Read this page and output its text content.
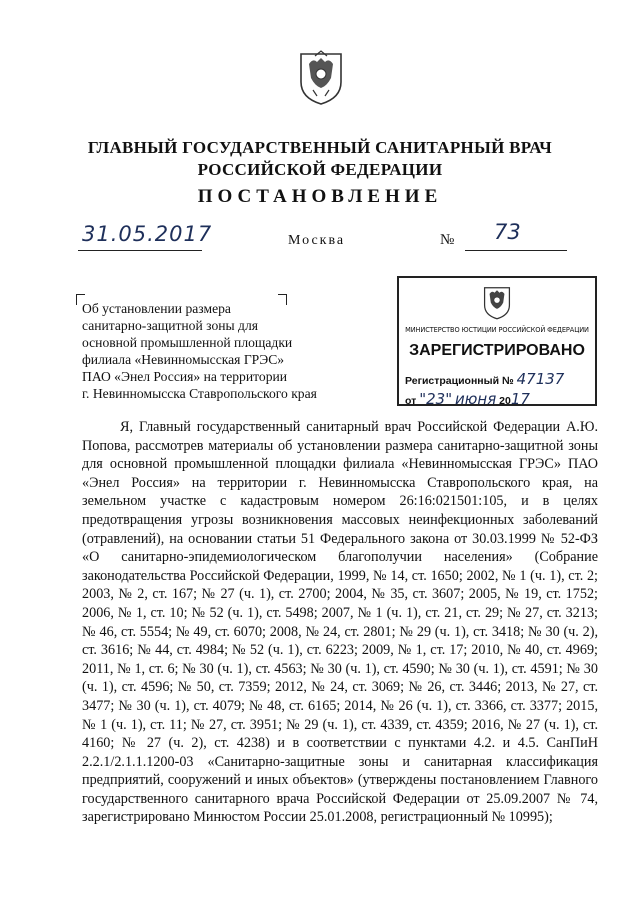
ГЛАВНЫЙ ГОСУДАРСТВЕННЫЙ САНИТАРНЫЙ ВРАЧ
РОССИЙСКОЙ ФЕДЕРАЦИИ
ПОСТАНОВЛЕНИЕ
31.05.2017	Москва	№ 73
Об установлении размера
санитарно-защитной зоны для
основной промышленной площадки
филиала «Невинномысская ГРЭС»
ПАО «Энел Россия» на территории
г. Невинномысска Ставропольского края
МИНИСТЕРСТВО ЮСТИЦИИ РОССИЙСКОЙ ФЕДЕРАЦИИ
ЗАРЕГИСТРИРОВАНО
Регистрационный № 47137
от "23" июня 2017
Я, Главный государственный санитарный врач Российской Федерации А.Ю. Попова, рассмотрев материалы об установлении размера санитарно-защитной зоны для основной промышленной площадки филиала «Невинномысская ГРЭС» ПАО «Энел Россия» на территории г. Невинномысска Ставропольского края, на земельном участке с кадастровым номером 26:16:021501:105, и в целях предотвращения угрозы возникновения массовых неинфекционных заболеваний (отравлений), на основании статьи 51 Федерального закона от 30.03.1999 № 52-ФЗ «О санитарно-эпидемиологическом благополучии населения» (Собрание законодательства Российской Федерации, 1999, № 14, ст. 1650; 2002, № 1 (ч. 1), ст. 2; 2003, № 2, ст. 167; № 27 (ч. 1), ст. 2700; 2004, № 35, ст. 3607; 2005, № 19, ст. 1752; 2006, № 1, ст. 10; № 52 (ч. 1), ст. 5498; 2007, № 1 (ч. 1), ст. 21, ст. 29; № 27, ст. 3213; № 46, ст. 5554; № 49, ст. 6070; 2008, № 24, ст. 2801; № 29 (ч. 1), ст. 3418; № 30 (ч. 2), ст. 3616; № 44, ст. 4984; № 52 (ч. 1), ст. 6223; 2009, № 1, ст. 17; 2010, № 40, ст. 4969; 2011, № 1, ст. 6; № 30 (ч. 1), ст. 4563; № 30 (ч. 1), ст. 4590; № 30 (ч. 1), ст. 4591; № 30 (ч. 1), ст. 4596; № 50, ст. 7359; 2012, № 24, ст. 3069; № 26, ст. 3446; 2013, № 27, ст. 3477; № 30 (ч. 1), ст. 4079; № 48, ст. 6165; 2014, № 26 (ч. 1), ст. 3366, ст. 3377; 2015, № 1 (ч. 1), ст. 11; № 27, ст. 3951; № 29 (ч. 1), ст. 4339, ст. 4359; 2016, № 27 (ч. 1), ст. 4160; № 27 (ч. 2), ст. 4238) и в соответствии с пунктами 4.2. и 4.5. СанПиН 2.2.1/2.1.1.1200-03 «Санитарно-защитные зоны и санитарная классификация предприятий, сооружений и иных объектов» (утверждены постановлением Главного государственного санитарного врача Российской Федерации от 25.09.2007 № 74, зарегистрировано Минюстом России 25.01.2008, регистрационный № 10995);
